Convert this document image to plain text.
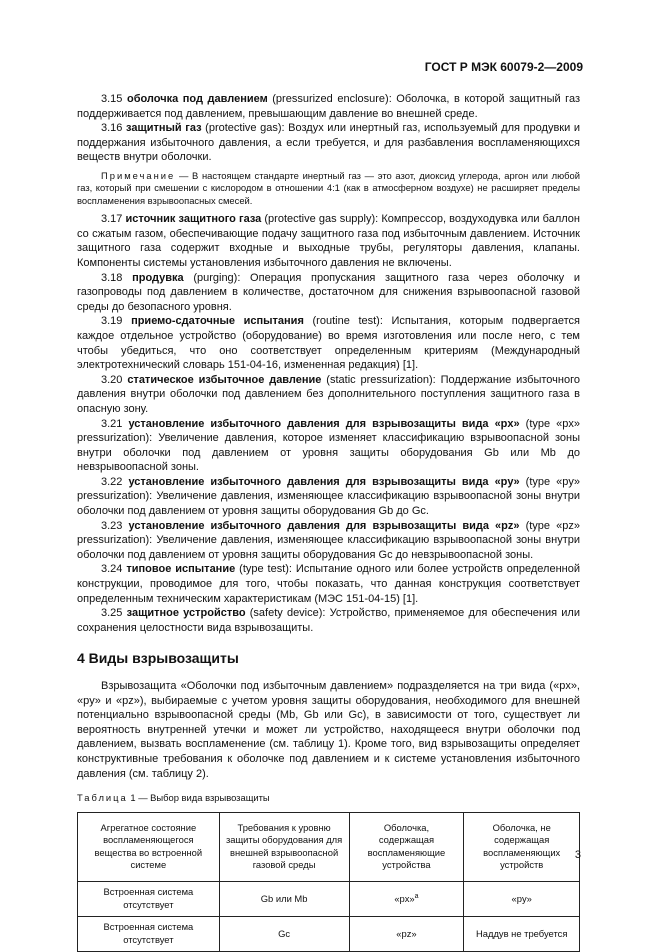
ГОСТ Р МЭК 60079-2—2009

3.15 оболочка под давлением (pressurized enclosure): Оболочка, в которой защитный газ поддерживается под давлением, превышающим давление во внешней среде.

3.16 защитный газ (protective gas): Воздух или инертный газ, используемый для продувки и поддержания избыточного давления, а если требуется, и для разбавления воспламеняющихся веществ внутри оболочки.

Примечание — В настоящем стандарте инертный газ — это азот, диоксид углерода, аргон или любой газ, который при смешении с кислородом в отношении 4:1 (как в атмосферном воздухе) не расширяет пределы воспламенения взрывоопасных смесей.

3.17 источник защитного газа (protective gas supply): Компрессор, воздуходувка или баллон со сжатым газом, обеспечивающие подачу защитного газа под избыточным давлением. Источник защитного газа содержит входные и выходные трубы, регуляторы давления, клапаны. Компоненты системы установления избыточного давления не включены.

3.18 продувка (purging): Операция пропускания защитного газа через оболочку и газопроводы под давлением в количестве, достаточном для снижения взрывоопасной газовой среды до безопасного уровня.

3.19 приемо-сдаточные испытания (routine test): Испытания, которым подвергается каждое отдельное устройство (оборудование) во время изготовления или после него, с тем чтобы убедиться, что оно соответствует определенным критериям (Международный электротехнический словарь 151-04-16, измененная редакция) [1].

3.20 статическое избыточное давление (static pressurization): Поддержание избыточного давления внутри оболочки под давлением без дополнительного поступления защитного газа в опасную зону.

3.21 установление избыточного давления для взрывозащиты вида «px» (type «px» pressurization): Увеличение давления, которое изменяет классификацию взрывоопасной зоны внутри оболочки под давлением от уровня защиты оборудования Gb или Mb до невзрывоопасной зоны.

3.22 установление избыточного давления для взрывозащиты вида «py» (type «py» pressurization): Увеличение давления, изменяющее классификацию взрывоопасной зоны внутри оболочки под давлением от уровня защиты оборудования Gb до Gc.

3.23 установление избыточного давления для взрывозащиты вида «pz» (type «pz» pressurization): Увеличение давления, изменяющее классификацию взрывоопасной зоны внутри оболочки под давлением от уровня защиты оборудования Gc до невзрывоопасной зоны.

3.24 типовое испытание (type test): Испытание одного или более устройств определенной конструкции, проводимое для того, чтобы показать, что данная конструкция соответствует определенным техническим характеристикам (МЭС 151-04-15) [1].

3.25 защитное устройство (safety device): Устройство, применяемое для обеспечения или сохранения целостности вида взрывозащиты.

4 Виды взрывозащиты

Взрывозащита «Оболочки под избыточным давлением» подразделяется на три вида («px», «py» и «pz»), выбираемые с учетом уровня защиты оборудования, необходимого для внешней потенциально взрывоопасной среды (Mb, Gb или Gc), в зависимости от того, существует ли вероятность внутренней утечки и может ли устройство, находящееся внутри оболочки под давлением, вызвать воспламенение (см. таблицу 1). Кроме того, вид взрывозащиты определяет конструктивные требования к оболочке под давлением и к системе установления избыточного давления (см. таблицу 2).

Таблица 1 — Выбор вида взрывозащиты

Агрегатное состояние воспламеняющегося вещества во встроенной системе	Требования к уровню защиты оборудования для внешней взрывоопасной газовой среды	Оболочка, содержащая воспламеняющие устройства	Оболочка, не содержащая воспламеняющих устройств
Встроенная система отсутствует	Gb или Mb	«px»$^a$	«py»
Встроенная система отсутствует	Gc	«pz»	Наддув не требуется
3
